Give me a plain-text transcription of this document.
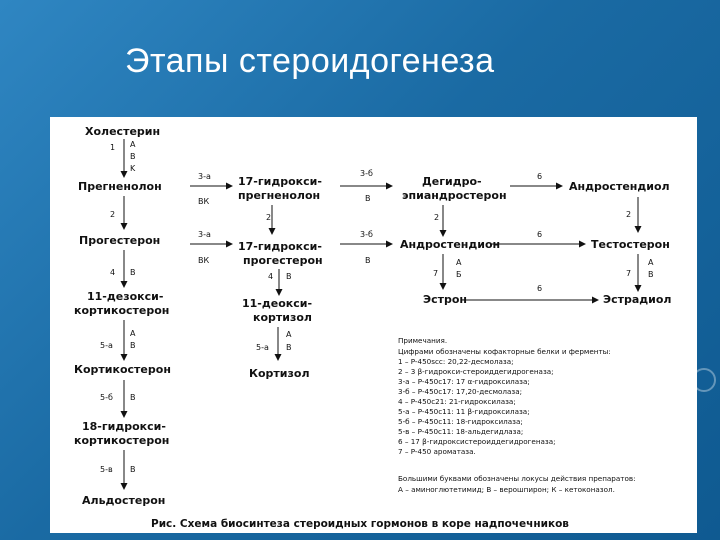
Этапы стероидогенеза
Холестерин
1 A
B
K
Прегненолон
2
Прогестерон
4 B
11-дезокси-
кортикостерон
A
5-а B
Кортикостерон
5-б B
18-гидрокси-
кортикостерон
5-в B
Альдостерон
3-а
ВК
3-а
ВК
17-гидрокси-
прегненолон
2
17-гидрокси-
прогестерон
4 B
11-деокси-
кортизол
A
5-а B
Кортизол
3-б
В
3-б
В
Дегидро-
эпиандростерон
2
Андростендион
7
A
Б
Эстрон
6
6
6
Андростендиол
2
Тестостерон
7
A
B
Эстрадиол
Примечания.
Цифрами обозначены кофакторные белки и ферменты:
1 – P-450scc: 20,22-десмолаза;
2 – 3 β-гидрокси-стероиддегидрогеназа;
3-а – P-450c17: 17 α-гидроксилаза;
3-б – P-450c17: 17,20-десмолаза;
4 – P-450c21: 21-гидроксилаза;
5-а – P-450c11: 11 β-гидроксилаза;
5-б – P-450c11: 18-гидроксилаза;
5-в – P-450c11: 18-альдегидлаза;
6 – 17 β-гидроксистероиддегидрогеназа;
7 – P-450 ароматаза.
Большими буквами обозначены локусы действия препаратов:
А – аминоглютетимид; В – верошпирон; К – кетоконазол.
Рис. Схема биосинтеза стероидных гормонов в коре надпочечников
